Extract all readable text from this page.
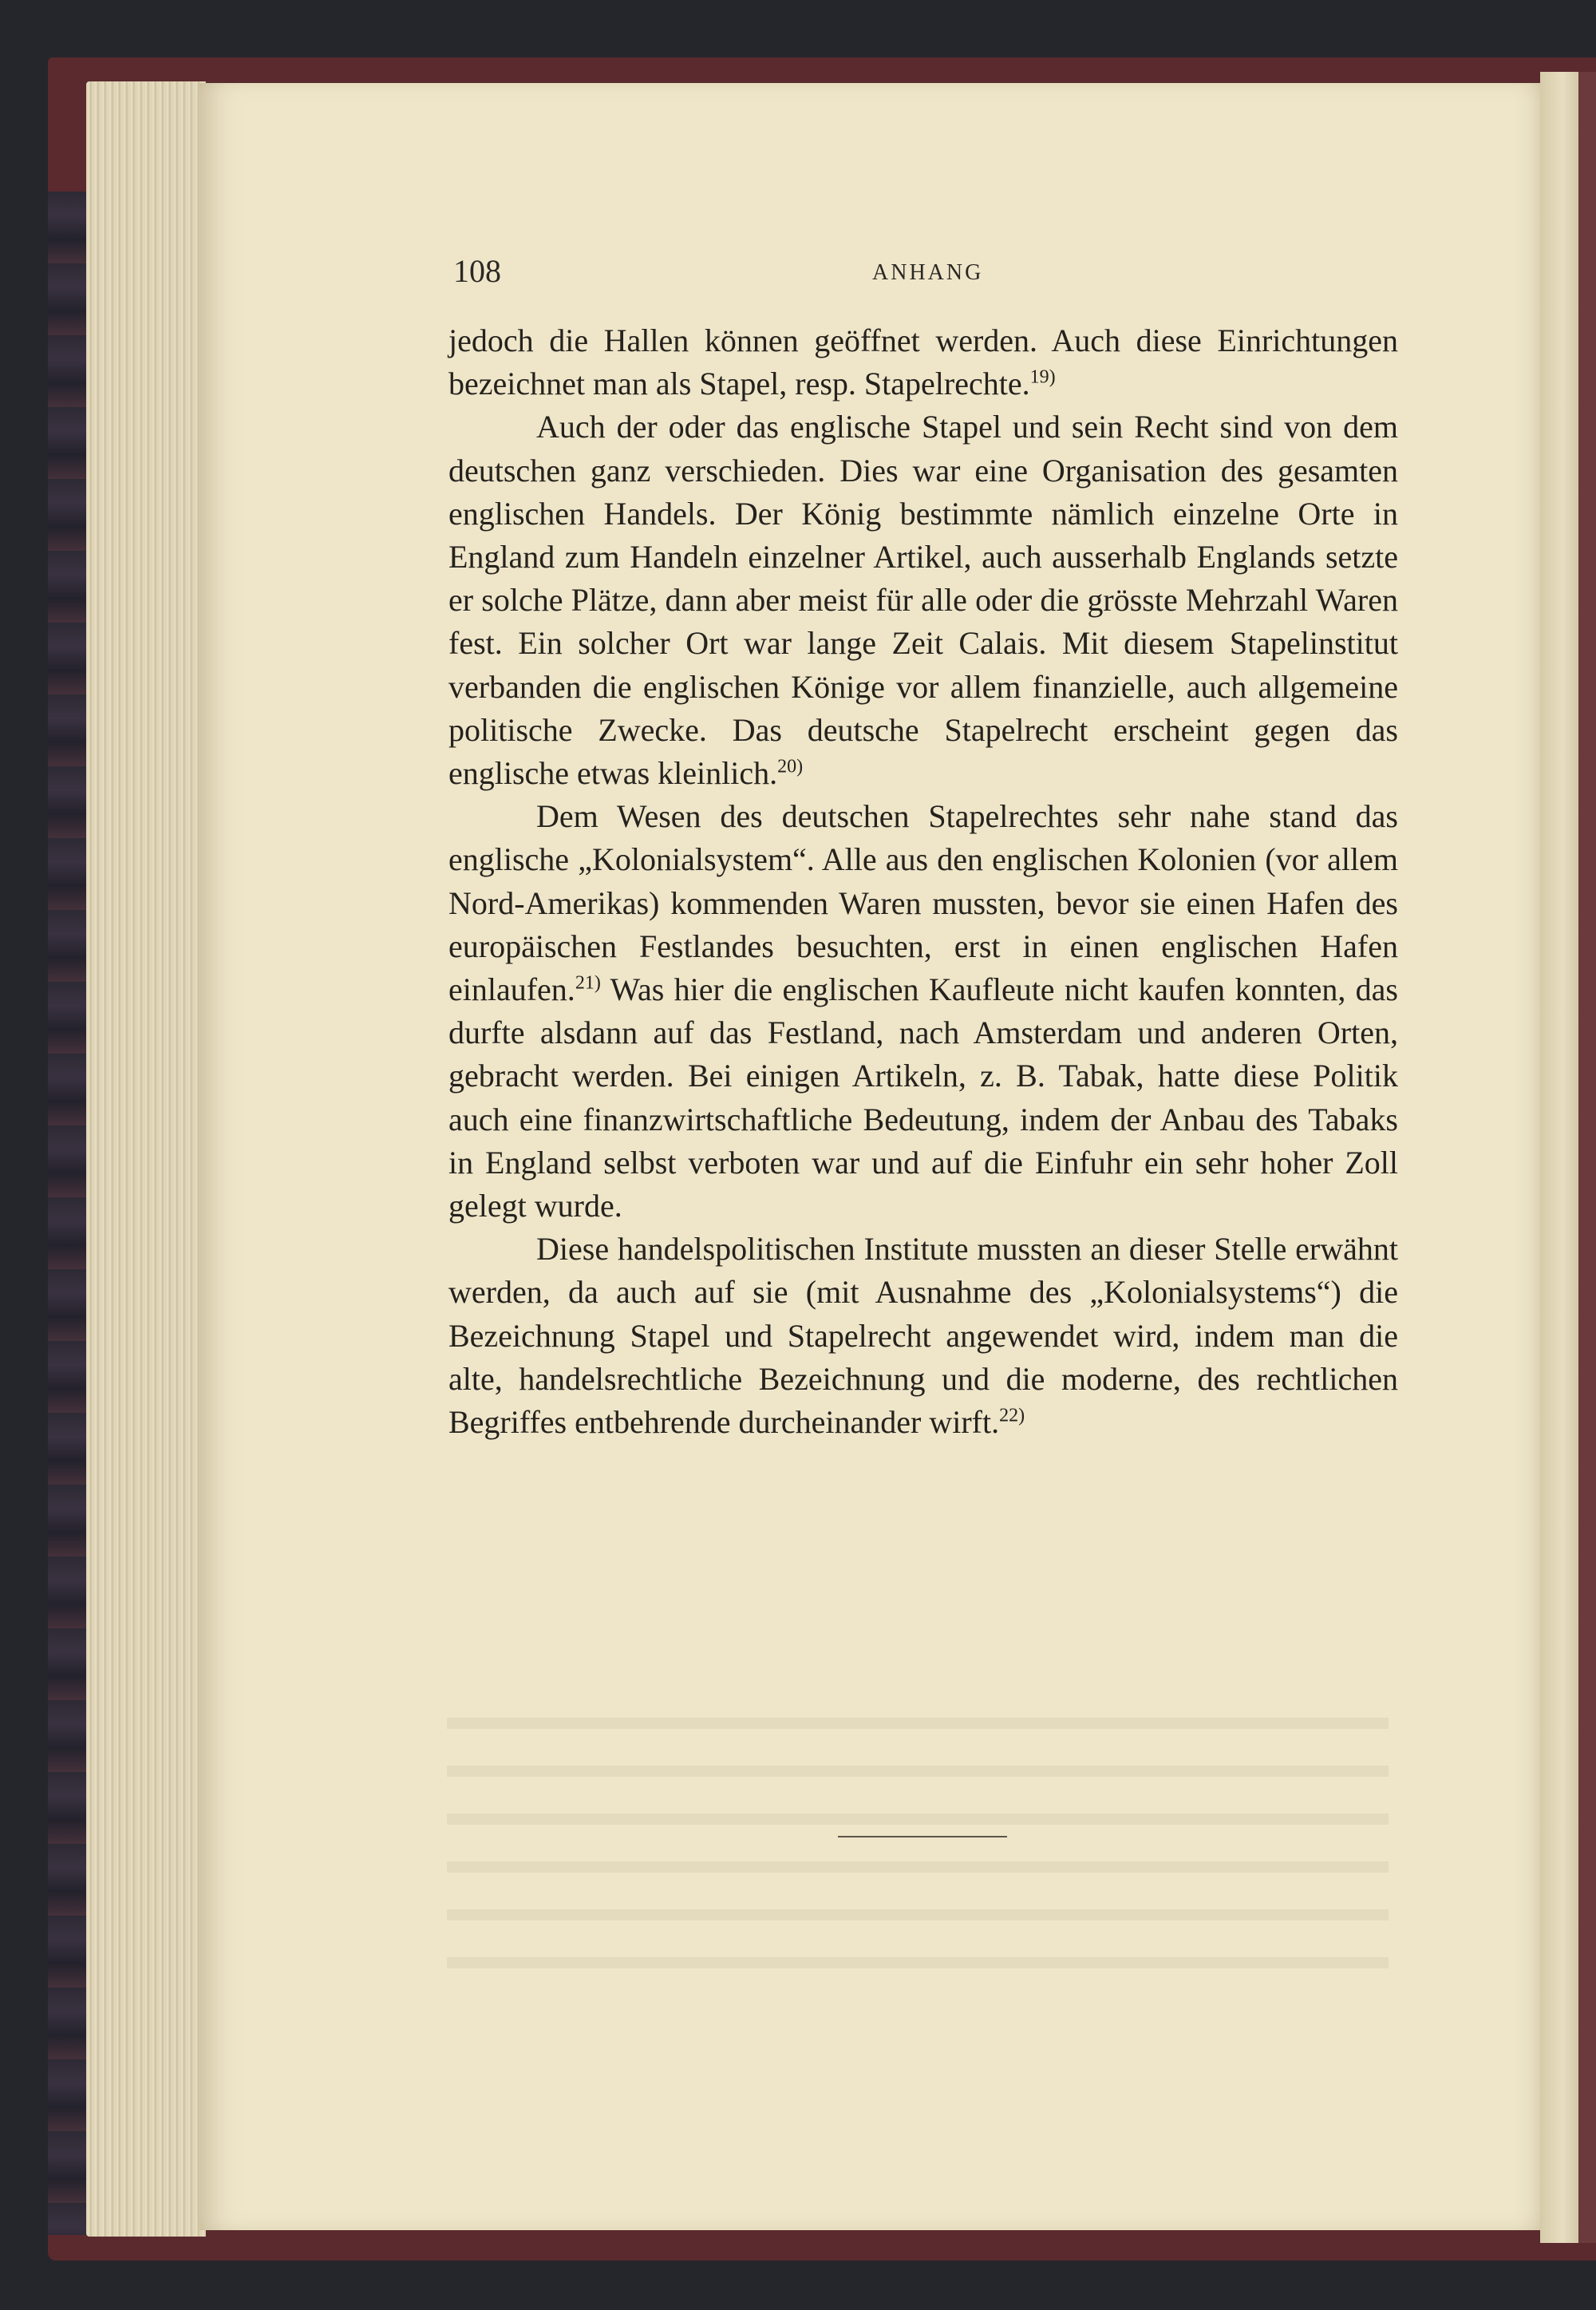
108	ANHANG

jedoch die Hallen können geöffnet werden. Auch diese Einrichtungen bezeichnet man als Stapel, resp. Stapelrechte.$^{19)}$

Auch der oder das englische Stapel und sein Recht sind von dem deutschen ganz verschieden. Dies war eine Organisation des gesamten englischen Handels. Der König bestimmte nämlich einzelne Orte in England zum Handeln einzelner Artikel, auch ausserhalb Englands setzte er solche Plätze, dann aber meist für alle oder die grösste Mehrzahl Waren fest. Ein solcher Ort war lange Zeit Calais. Mit diesem Stapelinstitut verbanden die englischen Könige vor allem finanzielle, auch allgemeine politische Zwecke. Das deutsche Stapelrecht erscheint gegen das englische etwas kleinlich.$^{20)}$

Dem Wesen des deutschen Stapelrechtes sehr nahe stand das englische „Kolonialsystem“. Alle aus den englischen Kolonien (vor allem Nord-Amerikas) kommenden Waren mussten, bevor sie einen Hafen des europäischen Festlandes besuchten, erst in einen englischen Hafen einlaufen.$^{21)}$ Was hier die englischen Kaufleute nicht kaufen konnten, das durfte alsdann auf das Festland, nach Amsterdam und anderen Orten, gebracht werden. Bei einigen Artikeln, z. B. Tabak, hatte diese Politik auch eine finanzwirtschaftliche Bedeutung, indem der Anbau des Tabaks in England selbst verboten war und auf die Einfuhr ein sehr hoher Zoll gelegt wurde.

Diese handelspolitischen Institute mussten an dieser Stelle erwähnt werden, da auch auf sie (mit Ausnahme des „Kolonialsystems“) die Bezeichnung Stapel und Stapelrecht angewendet wird, indem man die alte, handelsrechtliche Bezeichnung und die moderne, des rechtlichen Begriffes entbehrende durcheinander wirft.$^{22)}$
